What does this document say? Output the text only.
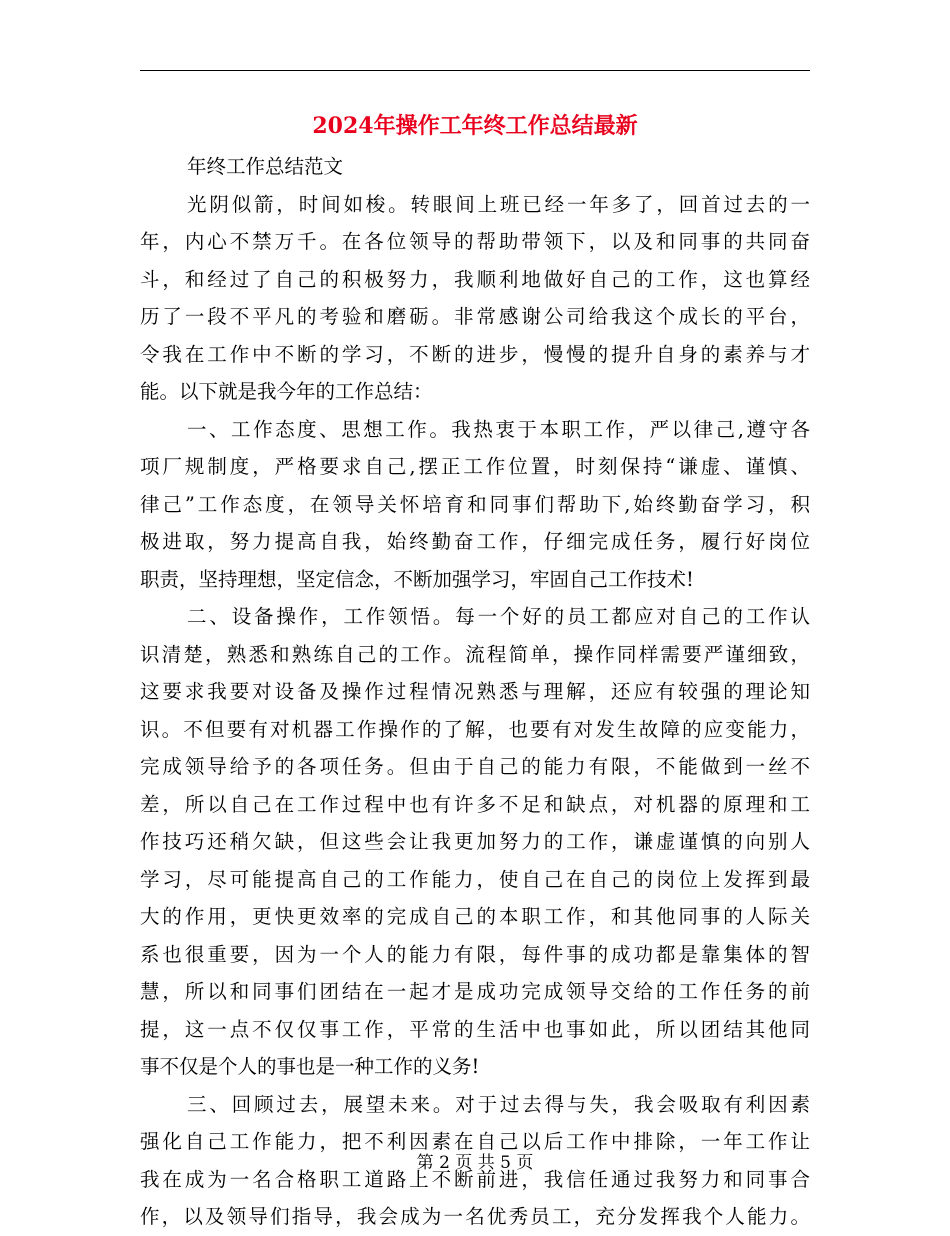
2024年操作工年终工作总结最新
年终工作总结范文
光阴似箭，时间如梭。转眼间上班已经一年多了，回首过去的一
年，内心不禁万千。在各位领导的帮助带领下，以及和同事的共同奋
斗，和经过了自己的积极努力，我顺利地做好自己的工作，这也算经
历了一段不平凡的考验和磨砺。非常感谢公司给我这个成长的平台，
令我在工作中不断的学习，不断的进步，慢慢的提升自身的素养与才
能。以下就是我今年的工作总结：
一、工作态度、思想工作。我热衷于本职工作，严以律己,遵守各
项厂规制度，严格要求自己,摆正工作位置，时刻保持“谦虚、谨慎、
律己”工作态度，在领导关怀培育和同事们帮助下,始终勤奋学习，积
极进取，努力提高自我，始终勤奋工作，仔细完成任务，履行好岗位
职责，坚持理想，坚定信念，不断加强学习，牢固自己工作技术!
二、设备操作，工作领悟。每一个好的员工都应对自己的工作认
识清楚，熟悉和熟练自己的工作。流程简单，操作同样需要严谨细致，
这要求我要对设备及操作过程情况熟悉与理解，还应有较强的理论知
识。不但要有对机器工作操作的了解，也要有对发生故障的应变能力，
完成领导给予的各项任务。但由于自己的能力有限，不能做到一丝不
差，所以自己在工作过程中也有许多不足和缺点，对机器的原理和工
作技巧还稍欠缺，但这些会让我更加努力的工作，谦虚谨慎的向别人
学习，尽可能提高自己的工作能力，使自己在自己的岗位上发挥到最
大的作用，更快更效率的完成自己的本职工作，和其他同事的人际关
系也很重要，因为一个人的能力有限，每件事的成功都是靠集体的智
慧，所以和同事们团结在一起才是成功完成领导交给的工作任务的前
提，这一点不仅仅事工作，平常的生活中也事如此，所以团结其他同
事不仅是个人的事也是一种工作的义务!
三、回顾过去，展望未来。对于过去得与失，我会吸取有利因素
强化自己工作能力，把不利因素在自己以后工作中排除，一年工作让
我在成为一名合格职工道路上不断前进，我信任通过我努力和同事合
作，以及领导们指导，我会成为一名优秀员工，充分发挥我个人能力。
第 2 页 共 5 页
